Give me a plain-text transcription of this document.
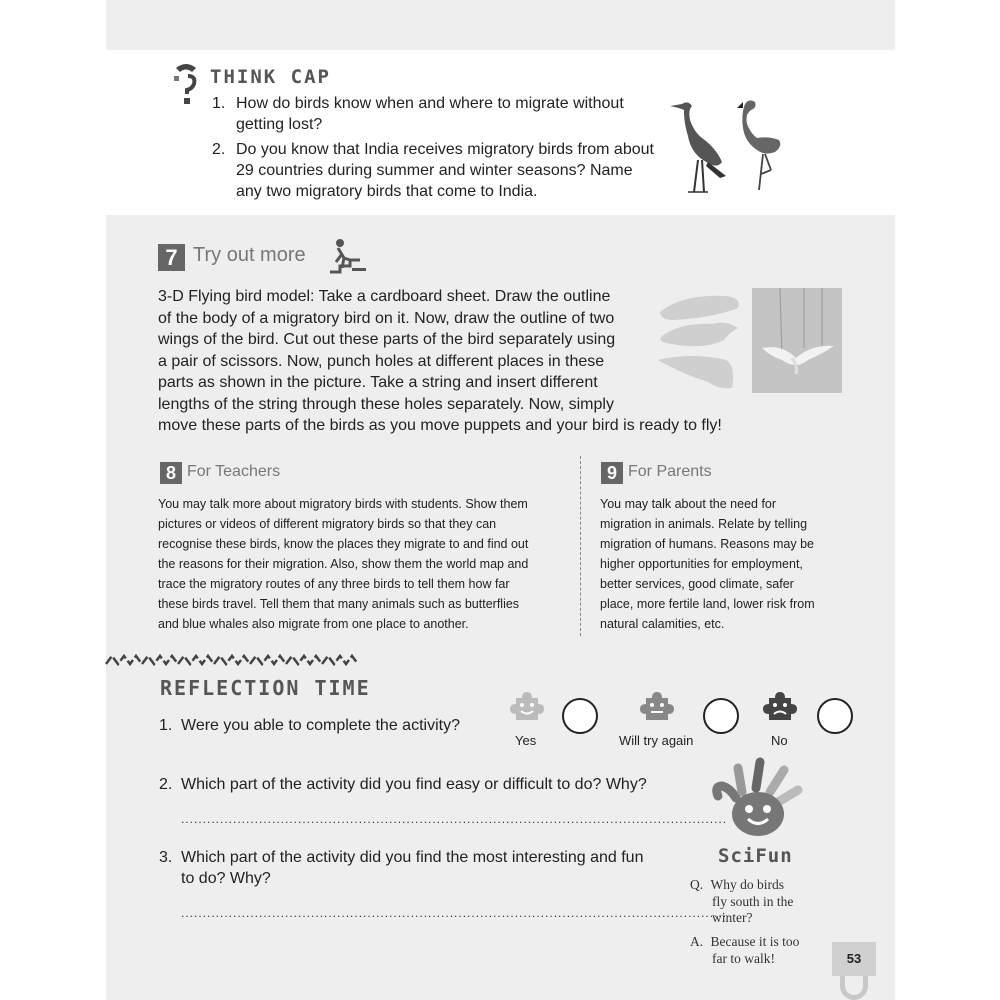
THINK CAP
1. How do birds know when and where to migrate without
getting lost?
2. Do you know that India receives migratory birds from about
29 countries during summer and winter seasons? Name
any two migratory birds that come to India.
7 Try out more
3-D Flying bird model: Take a cardboard sheet. Draw the outline
of the body of a migratory bird on it. Now, draw the outline of two
wings of the bird. Cut out these parts of the bird separately using
a pair of scissors. Now, punch holes at different places in these
parts as shown in the picture. Take a string and insert different
lengths of the string through these holes separately. Now, simply
move these parts of the birds as you move puppets and your bird is ready to fly!
8 For Teachers
You may talk more about migratory birds with students. Show them
pictures or videos of different migratory birds so that they can
recognise these birds, know the places they migrate to and find out
the reasons for their migration. Also, show them the world map and
trace the migratory routes of any three birds to tell them how far
these birds travel. Tell them that many animals such as butterflies
and blue whales also migrate from one place to another.
9 For Parents
You may talk about the need for
migration in animals. Relate by telling
migration of humans. Reasons may be
higher opportunities for employment,
better services, good climate, safer
place, more fertile land, lower risk from
natural calamities, etc.
REFLECTION TIME
1. Were you able to complete the activity?
Yes	Will try again	No
2. Which part of the activity did you find easy or difficult to do? Why?
..............................................................................................................................
3. Which part of the activity did you find the most interesting and fun
to do? Why?
..............................................................................................................................
SciFun
Q. Why do birds
fly south in the
winter?
A. Because it is too
far to walk!	53
